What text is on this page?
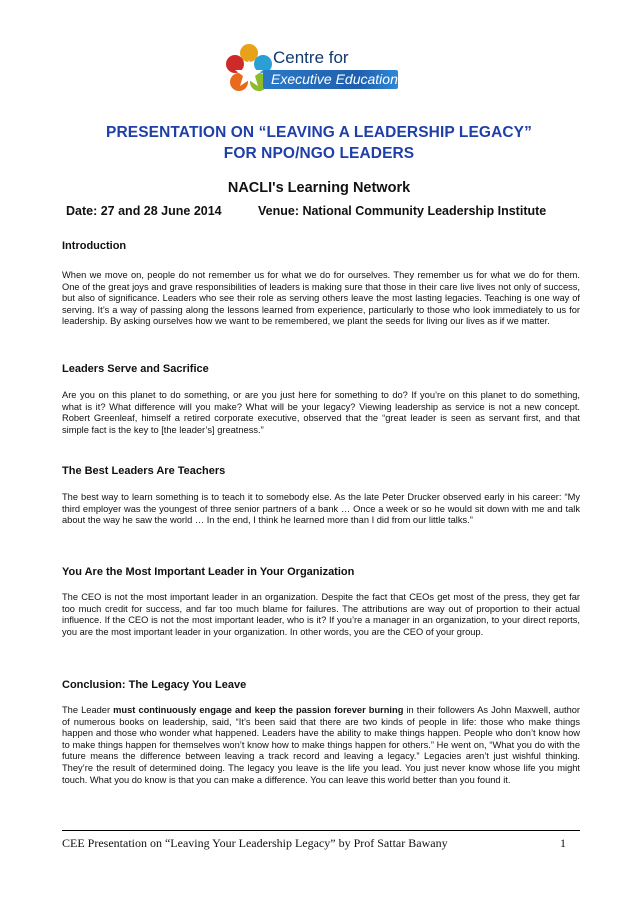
Centre for
Executive Education
PRESENTATION ON “LEAVING A LEADERSHIP LEGACY”
FOR NPO/NGO LEADERS
NACLI's Learning Network
Date: 27 and 28 June 2014	Venue: National Community Leadership Institute
Introduction
When we move on, people do not remember us for what we do for ourselves. They remember us for what we do for them. One of the great joys and grave responsibilities of leaders is making sure that those in their care live lives not only of success, but also of significance. Leaders who see their role as serving others leave the most lasting legacies. Teaching is one way of serving. It’s a way of passing along the lessons learned from experience, particularly to those who look immediately to us for leadership. By asking ourselves how we want to be remembered, we plant the seeds for living our lives as if we matter.
Leaders Serve and Sacrifice
Are you on this planet to do something, or are you just here for something to do? If you’re on this planet to do something, what is it? What difference will you make? What will be your legacy? Viewing leadership as service is not a new concept. Robert Greenleaf, himself a retired corporate executive, observed that the “great leader is seen as servant first, and that simple fact is the key to [the leader’s] greatness.”
The Best Leaders Are Teachers
The best way to learn something is to teach it to somebody else. As the late Peter Drucker observed early in his career: “My third employer was the youngest of three senior partners of a bank … Once a week or so he would sit down with me and talk about the way he saw the world … In the end, I think he learned more than I did from our little talks.”
You Are the Most Important Leader in Your Organization
The CEO is not the most important leader in an organization. Despite the fact that CEOs get most of the press, they get far too much credit for success, and far too much blame for failures. The attributions are way out of proportion to their actual influence. If the CEO is not the most important leader, who is it? If you’re a manager in an organization, to your direct reports, you are the most important leader in your organization. In other words, you are the CEO of your group.
Conclusion: The Legacy You Leave
The Leader must continuously engage and keep the passion forever burning in their followers As John Maxwell, author of numerous books on leadership, said, “It’s been said that there are two kinds of people in life: those who make things happen and those who wonder what happened. Leaders have the ability to make things happen. People who don’t know how to make things happen for themselves won’t know how to make things happen for others.” He went on, “What you do with the future means the difference between leaving a track record and leaving a legacy.” Legacies aren’t just wishful thinking. They’re the result of determined doing. The legacy you leave is the life you lead. You just never know whose life you might touch. What you do know is that you can make a difference. You can leave this world better than you found it.
CEE Presentation on “Leaving Your Leadership Legacy” by Prof Sattar Bawany	1
